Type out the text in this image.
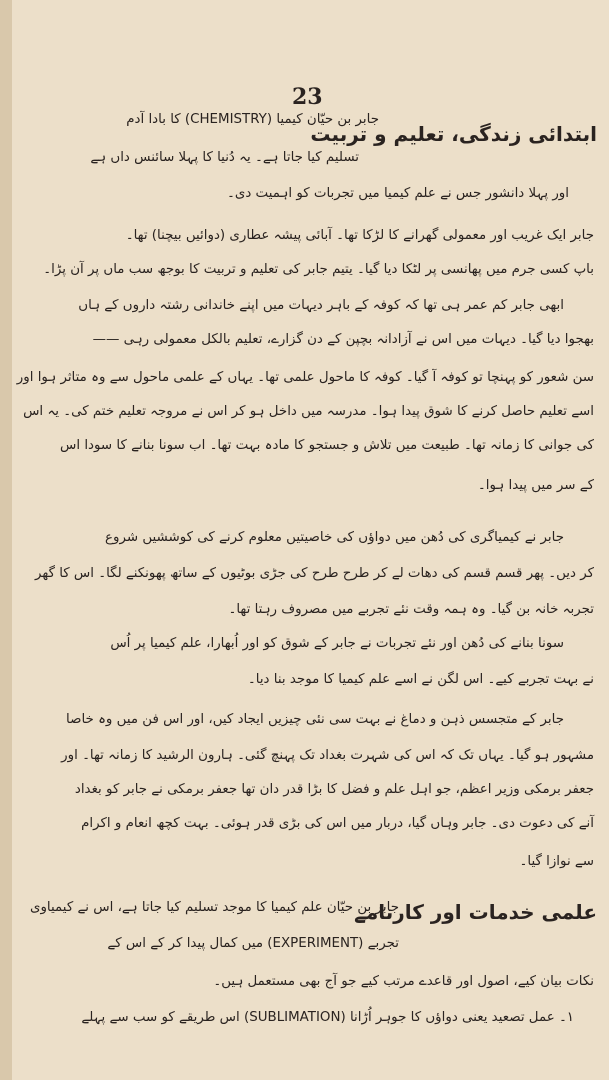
23
ابتدائی زندگی، تعلیم و تربیت
جابر بن حیّان کیمیا (CHEMISTRY) کا بادا آدم
تسلیم کیا جاتا ہے۔ یہ دُنیا کا پہلا سائنس داں ہے
اور پہلا دانشور جس نے علم کیمیا میں تجربات کو اہمیت دی۔
جابر ایک غریب اور معمولی گھرانے کا لڑکا تھا۔ آبائی پیشہ عطاری (دوائیں بیچنا) تھا۔
باپ کسی جرم میں پھانسی پر لٹکا دیا گیا۔ یتیم جابر کی تعلیم و تربیت کا بوجھ سب ماں پر آن پڑا۔
ابھی جابر کم عمر ہی تھا کہ کوفہ کے باہر دیہات میں اپنے خاندانی رشتہ داروں کے ہاں
بھجوا دیا گیا۔ دیہات میں اس نے آزادانہ بچپن کے دن گزارے، تعلیم بالکل معمولی رہی ——
سن شعور کو پہنچا تو کوفہ آ گیا۔ کوفہ کا ماحول علمی تھا۔ یہاں کے علمی ماحول سے وہ متاثر ہوا اور
اسے تعلیم حاصل کرنے کا شوق پیدا ہوا۔ مدرسہ میں داخل ہو کر اس نے مروجہ تعلیم ختم کی۔ یہ اس
کی جوانی کا زمانہ تھا۔ طبیعت میں تلاش و جستجو کا مادہ بہت تھا۔ اب سونا بنانے کا سودا اس
کے سر میں پیدا ہوا۔
جابر نے کیمیاگری کی دُھن میں دواؤں کی خاصیتیں معلوم کرنے کی کوششیں شروع
کر دیں۔ پھر قسم قسم کی دھات لے کر طرح طرح کی جڑی بوٹیوں کے ساتھ پھونکنے لگا۔ اس کا گھر
تجربہ خانہ بن گیا۔ وہ ہمہ وقت نئے تجربے میں مصروف رہتا تھا۔
سونا بنانے کی دُھن اور نئے تجربات نے جابر کے شوق کو اور اُبھارا، علم کیمیا پر اُس
نے بہت تجربے کیے۔ اس لگن نے اسے علم کیمیا کا موجد بنا دیا۔
جابر کے متجسس ذہن و دماغ نے بہت سی نئی چیزیں ایجاد کیں، اور اس فن میں وہ خاصا
مشہور ہو گیا۔ یہاں تک کہ اس کی شہرت بغداد تک پہنچ گئی۔ ہارون الرشید کا زمانہ تھا۔ اور
جعفر برمکی وزیر اعظم، جو اہل علم و فضل کا بڑا قدر دان تھا جعفر برمکی نے جابر کو بغداد
آنے کی دعوت دی۔ جابر وہاں گیا، دربار میں اس کی بڑی قدر ہوئی۔ بہت کچھ انعام و اکرام
سے نوازا گیا۔
علمی خدمات اور کارنامے
جابر بن حیّان علم کیمیا کا موجد تسلیم کیا جاتا ہے، اس نے کیمیاوی
تجربے (EXPERIMENT) میں کمال پیدا کر کے اس کے
نکات بیان کیے، اصول اور قاعدے مرتب کیے جو آج بھی مستعمل ہیں۔
۱۔ عمل تصعید یعنی دواؤں کا جوہر اُڑانا (SUBLIMATION) اس طریقے کو سب سے پہلے
